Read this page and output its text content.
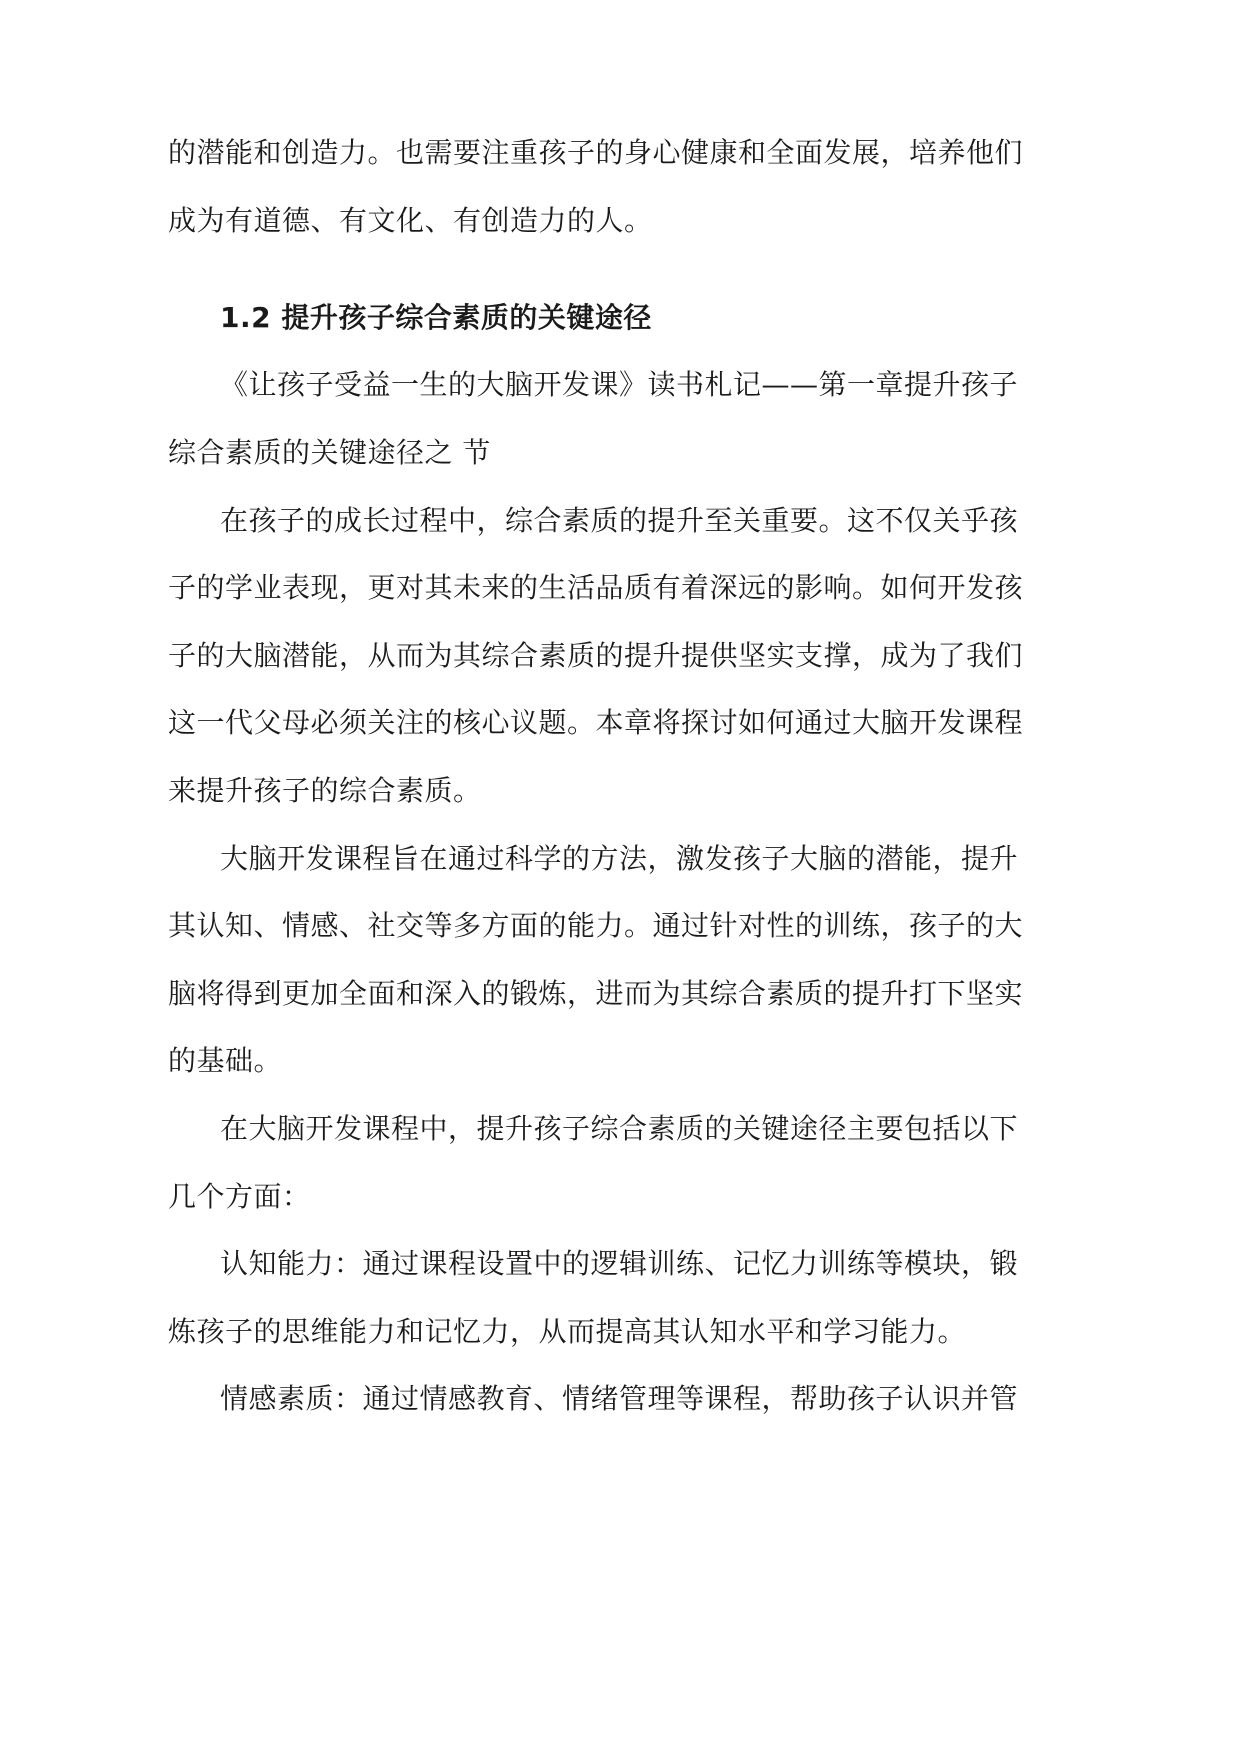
的潜能和创造力。也需要注重孩子的身心健康和全面发展，培养他们
成为有道德、有文化、有创造力的人。
1.2 提升孩子综合素质的关键途径
《让孩子受益一生的大脑开发课》读书札记——第一章提升孩子
综合素质的关键途径之 节
在孩子的成长过程中，综合素质的提升至关重要。这不仅关乎孩
子的学业表现，更对其未来的生活品质有着深远的影响。如何开发孩
子的大脑潜能，从而为其综合素质的提升提供坚实支撑，成为了我们
这一代父母必须关注的核心议题。本章将探讨如何通过大脑开发课程
来提升孩子的综合素质。
大脑开发课程旨在通过科学的方法，激发孩子大脑的潜能，提升
其认知、情感、社交等多方面的能力。通过针对性的训练，孩子的大
脑将得到更加全面和深入的锻炼，进而为其综合素质的提升打下坚实
的基础。
在大脑开发课程中，提升孩子综合素质的关键途径主要包括以下
几个方面：
认知能力：通过课程设置中的逻辑训练、记忆力训练等模块，锻
炼孩子的思维能力和记忆力，从而提高其认知水平和学习能力。
情感素质：通过情感教育、情绪管理等课程，帮助孩子认识并管
